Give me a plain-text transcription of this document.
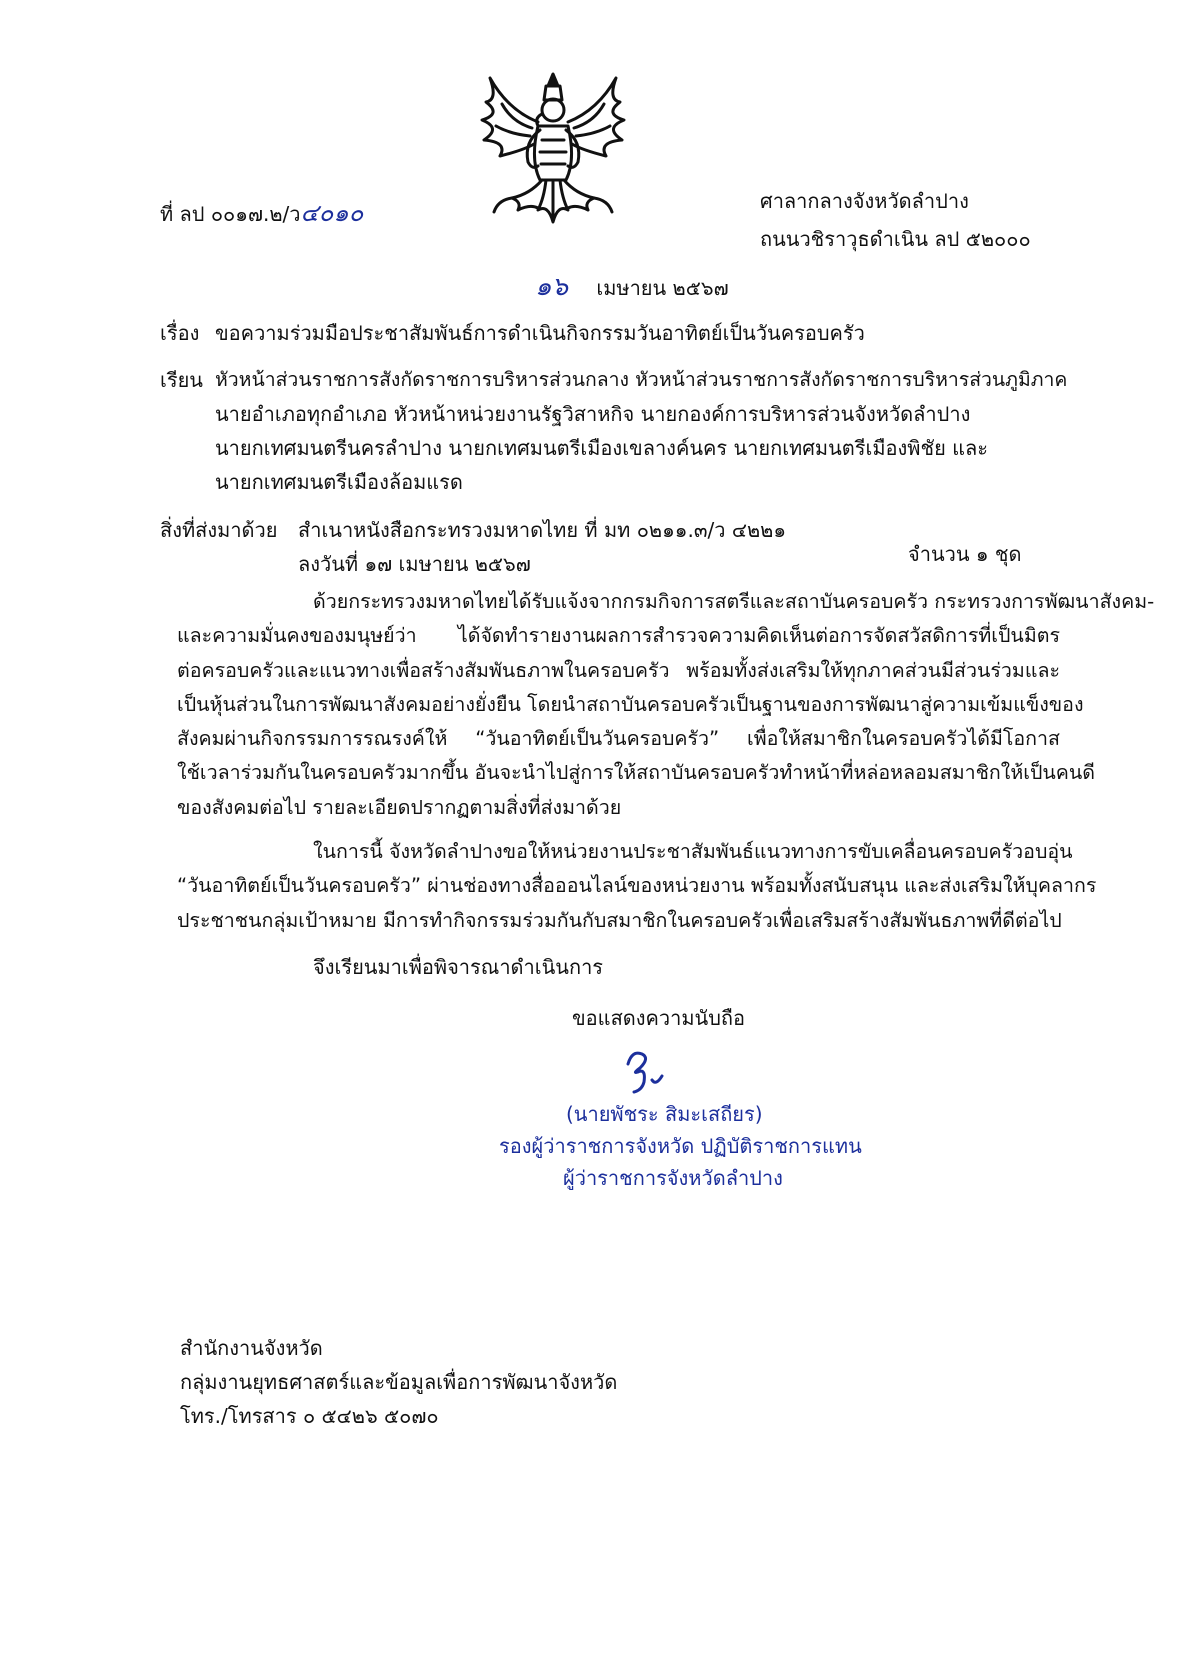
ที่ ลป ๐๐๑๗.๒/ว๔๐๑๐	ศาลากลางจังหวัดลำปาง
ถนนวชิราวุธดำเนิน ลป ๕๒๐๐๐
๑๖ เมษายน ๒๕๖๗
เรื่อง ขอความร่วมมือประชาสัมพันธ์การดำเนินกิจกรรมวันอาทิตย์เป็นวันครอบครัว
เรียน หัวหน้าส่วนราชการสังกัดราชการบริหารส่วนกลาง หัวหน้าส่วนราชการสังกัดราชการบริหารส่วนภูมิภาค
นายอำเภอทุกอำเภอ หัวหน้าหน่วยงานรัฐวิสาหกิจ นายกองค์การบริหารส่วนจังหวัดลำปาง
นายกเทศมนตรีนครลำปาง นายกเทศมนตรีเมืองเขลางค์นคร นายกเทศมนตรีเมืองพิชัย และ
นายกเทศมนตรีเมืองล้อมแรด
สิ่งที่ส่งมาด้วย สำเนาหนังสือกระทรวงมหาดไทย ที่ มท ๐๒๑๑.๓/ว ๔๒๒๑
ลงวันที่ ๑๗ เมษายน ๒๕๖๗	จำนวน ๑ ชุด
ด้วยกระทรวงมหาดไทยได้รับแจ้งจากกรมกิจการสตรีและสถาบันครอบครัว กระทรวงการพัฒนาสังคม-
และความมั่นคงของมนุษย์ว่า ได้จัดทำรายงานผลการสำรวจความคิดเห็นต่อการจัดสวัสดิการที่เป็นมิตร
ต่อครอบครัวและแนวทางเพื่อสร้างสัมพันธภาพในครอบครัว พร้อมทั้งส่งเสริมให้ทุกภาคส่วนมีส่วนร่วมและ
เป็นหุ้นส่วนในการพัฒนาสังคมอย่างยั่งยืน โดยนำสถาบันครอบครัวเป็นฐานของการพัฒนาสู่ความเข้มแข็งของ
สังคมผ่านกิจกรรมการรณรงค์ให้ “วันอาทิตย์เป็นวันครอบครัว” เพื่อให้สมาชิกในครอบครัวได้มีโอกาส
ใช้เวลาร่วมกันในครอบครัวมากขึ้น อันจะนำไปสู่การให้สถาบันครอบครัวทำหน้าที่หล่อหลอมสมาชิกให้เป็นคนดี
ของสังคมต่อไป รายละเอียดปรากฏตามสิ่งที่ส่งมาด้วย
ในการนี้ จังหวัดลำปางขอให้หน่วยงานประชาสัมพันธ์แนวทางการขับเคลื่อนครอบครัวอบอุ่น
“วันอาทิตย์เป็นวันครอบครัว” ผ่านช่องทางสื่อออนไลน์ของหน่วยงาน พร้อมทั้งสนับสนุน และส่งเสริมให้บุคลากร
ประชาชนกลุ่มเป้าหมาย มีการทำกิจกรรมร่วมกันกับสมาชิกในครอบครัวเพื่อเสริมสร้างสัมพันธภาพที่ดีต่อไป
จึงเรียนมาเพื่อพิจารณาดำเนินการ
ขอแสดงความนับถือ
(นายพัชระ สิมะเสถียร)
รองผู้ว่าราชการจังหวัด ปฏิบัติราชการแทน
ผู้ว่าราชการจังหวัดลำปาง
สำนักงานจังหวัด
กลุ่มงานยุทธศาสตร์และข้อมูลเพื่อการพัฒนาจังหวัด
โทร./โทรสาร ๐ ๕๔๒๖ ๕๐๗๐
